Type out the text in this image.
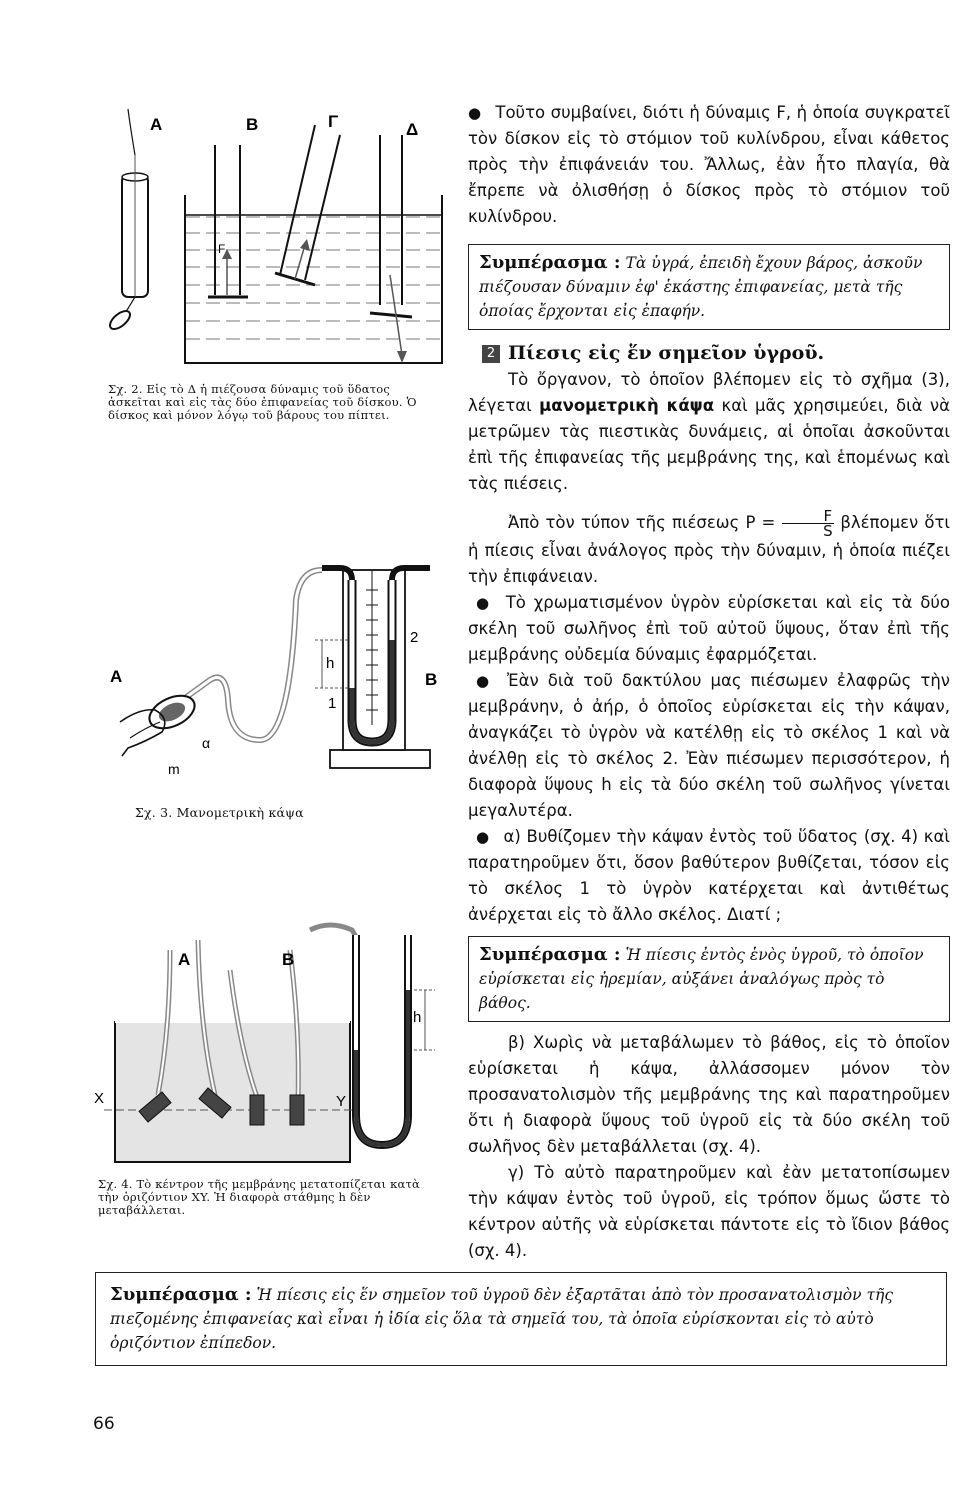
A	B	Γ	Δ
F
Σχ. 2. Εἰς τὸ Δ ἡ πιέζουσα δύναμις τοῦ ὕδατος ἀσκεῖται καὶ εἰς τὰς δύο ἐπιφανείας τοῦ δίσκου. Ὁ δίσκος καὶ μόνον λόγῳ τοῦ βάρους του πίπτει.
h
2
1
B
A
α
m
Σχ. 3. Μανομετρικὴ κάψα
X	Y
h
A	B
Σχ. 4. Τὸ κέντρον τῆς μεμβράνης μετατοπίζεται κατὰ τὴν ὁριζόντιον XY. Ἡ διαφορὰ στάθμης h δὲν μεταβάλλεται.

● Τοῦτο συμβαίνει, διότι ἡ δύναμις F, ἡ ὁποία συγκρατεῖ τὸν δίσκον εἰς τὸ στόμιον τοῦ κυλίνδρου, εἶναι κάθετος πρὸς τὴν ἐπιφάνειάν του. Ἄλλως, ἐὰν ἦτο πλαγία, θὰ ἔπρεπε νὰ ὀλισθήσῃ ὁ δίσκος πρὸς τὸ στόμιον τοῦ κυλίνδρου.

Συμπέρασμα : Τὰ ὑγρά, ἐπειδὴ ἔχουν βάρος, ἀσκοῦν πιέζουσαν δύναμιν ἐφ' ἑκάστης ἐπιφανείας, μετὰ τῆς ὁποίας ἔρχονται εἰς ἐπαφήν.
2 Πίεσις εἰς ἕν σημεῖον ὑγροῦ.

Τὸ ὄργανον, τὸ ὁποῖον βλέπομεν εἰς τὸ σχῆμα (3), λέγεται μανομετρικὴ κάψα καὶ μᾶς χρησιμεύει, διὰ νὰ μετρῶμεν τὰς πιεστικὰς δυνάμεις, αἱ ὁποῖαι ἀσκοῦνται ἐπὶ τῆς ἐπιφανείας τῆς μεμβράνης της, καὶ ἑπομένως καὶ τὰς πιέσεις.

Ἀπὸ τὸν τύπον τῆς πιέσεως $P = \frac{F}{S}$ βλέπομεν ὅτι ἡ πίεσις εἶναι ἀνάλογος πρὸς τὴν δύναμιν, ἡ ὁποία πιέζει τὴν ἐπιφάνειαν.

● Τὸ χρωματισμένον ὑγρὸν εὑρίσκεται καὶ εἰς τὰ δύο σκέλη τοῦ σωλῆνος ἐπὶ τοῦ αὐτοῦ ὕψους, ὅταν ἐπὶ τῆς μεμβράνης οὐδεμία δύναμις ἐφαρμόζεται.

● Ἐὰν διὰ τοῦ δακτύλου μας πιέσωμεν ἐλαφρῶς τὴν μεμβράνην, ὁ ἀήρ, ὁ ὁποῖος εὑρίσκεται εἰς τὴν κάψαν, ἀναγκάζει τὸ ὑγρὸν νὰ κατέλθῃ εἰς τὸ σκέλος 1 καὶ νὰ ἀνέλθῃ εἰς τὸ σκέλος 2. Ἐὰν πιέσωμεν περισσότερον, ἡ διαφορὰ ὕψους h εἰς τὰ δύο σκέλη τοῦ σωλῆνος γίνεται μεγαλυτέρα.

● α) Βυθίζομεν τὴν κάψαν ἐντὸς τοῦ ὕδατος (σχ. 4) καὶ παρατηροῦμεν ὅτι, ὅσον βαθύτερον βυθίζεται, τόσον εἰς τὸ σκέλος 1 τὸ ὑγρὸν κατέρχεται καὶ ἀντιθέτως ἀνέρχεται εἰς τὸ ἄλλο σκέλος. Διατί ;

Συμπέρασμα : Ἡ πίεσις ἐντὸς ἑνὸς ὑγροῦ, τὸ ὁποῖον εὑρίσκεται εἰς ἠρεμίαν, αὐξάνει ἀναλόγως πρὸς τὸ βάθος.

β) Χωρὶς νὰ μεταβάλωμεν τὸ βάθος, εἰς τὸ ὁποῖον εὑρίσκεται ἡ κάψα, ἀλλάσσομεν μόνον τὸν προσανατολισμὸν τῆς μεμβράνης της καὶ παρατηροῦμεν ὅτι ἡ διαφορὰ ὕψους τοῦ ὑγροῦ εἰς τὰ δύο σκέλη τοῦ σωλῆνος δὲν μεταβάλλεται (σχ. 4).

γ) Τὸ αὐτὸ παρατηροῦμεν καὶ ἐὰν μετατοπίσωμεν τὴν κάψαν ἐντὸς τοῦ ὑγροῦ, εἰς τρόπον ὅμως ὥστε τὸ κέντρον αὐτῆς νὰ εὑρίσκεται πάντοτε εἰς τὸ ἴδιον βάθος (σχ. 4).

Συμπέρασμα : Ἡ πίεσις εἰς ἕν σημεῖον τοῦ ὑγροῦ δὲν ἐξαρτᾶται ἀπὸ τὸν προσανατολισμὸν τῆς πιεζομένης ἐπιφανείας καὶ εἶναι ἡ ἰδία εἰς ὅλα τὰ σημεῖά του, τὰ ὁποῖα εὑρίσκονται εἰς τὸ αὐτὸ ὁριζόντιον ἐπίπεδον.
66
